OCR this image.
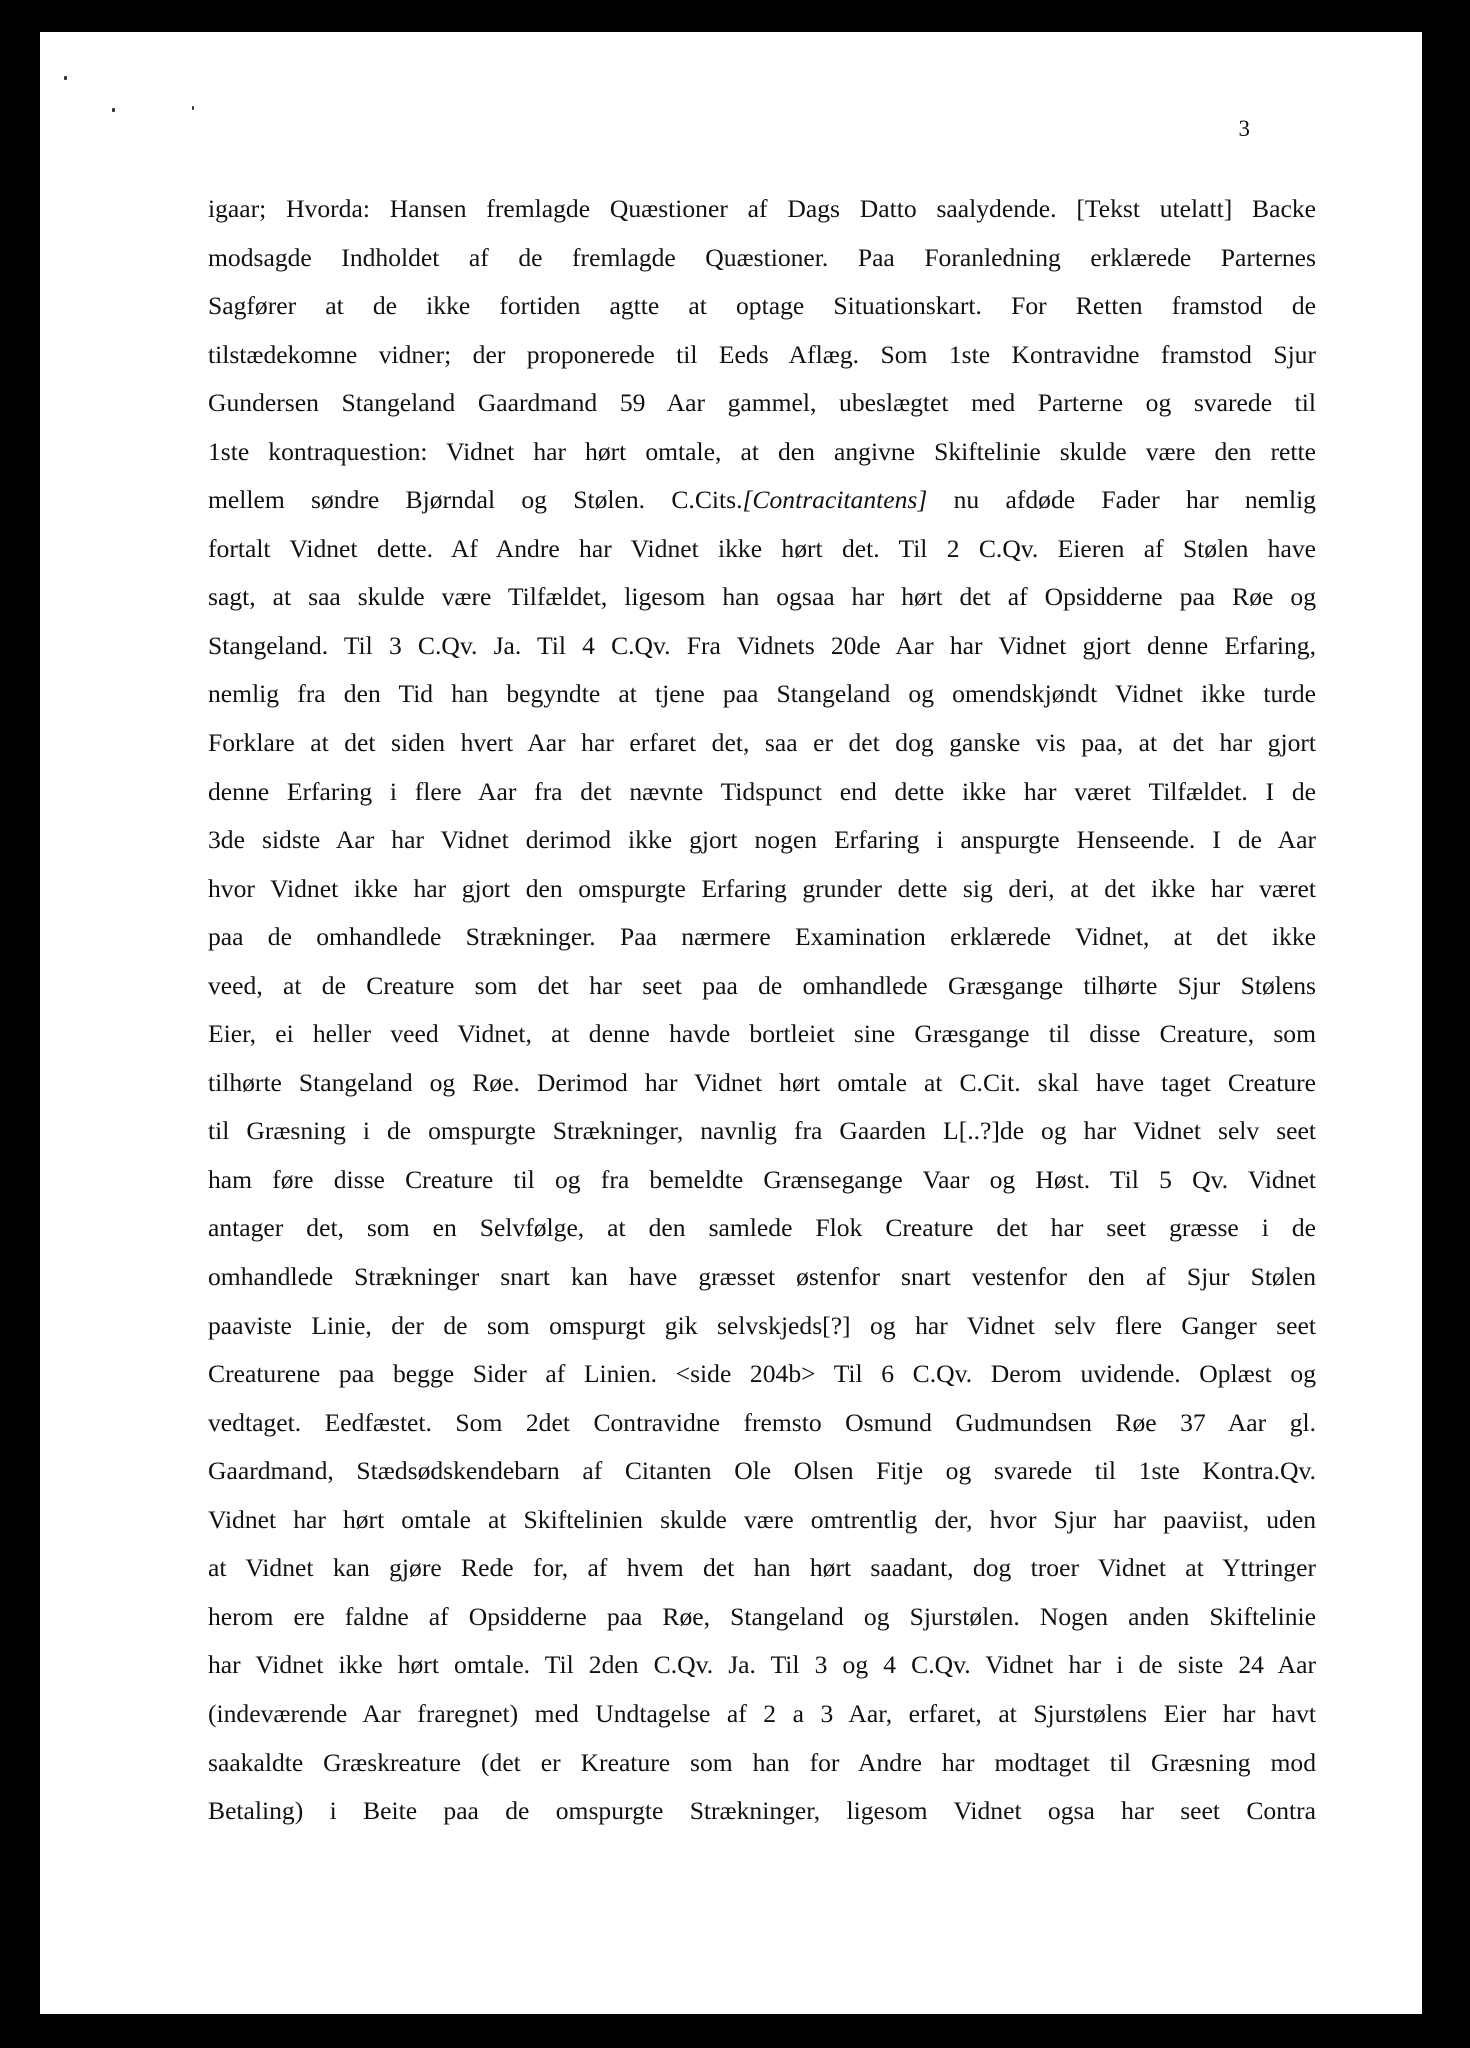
3
igaar; Hvorda: Hansen fremlagde Quæstioner af Dags Datto saalydende. [Tekst utelatt] Backe
modsagde Indholdet af de fremlagde Quæstioner. Paa Foranledning erklærede Parternes
Sagfører at de ikke fortiden agtte at optage Situationskart. For Retten framstod de
tilstædekomne vidner; der proponerede til Eeds Aflæg. Som 1ste Kontravidne framstod Sjur
Gundersen Stangeland Gaardmand 59 Aar gammel, ubeslægtet med Parterne og svarede til
1ste kontraquestion: Vidnet har hørt omtale, at den angivne Skiftelinie skulde være den rette
mellem søndre Bjørndal og Stølen. C.Cits.[Contracitantens] nu afdøde Fader har nemlig
fortalt Vidnet dette. Af Andre har Vidnet ikke hørt det. Til 2 C.Qv. Eieren af Stølen have
sagt, at saa skulde være Tilfældet, ligesom han ogsaa har hørt det af Opsidderne paa Røe og
Stangeland. Til 3 C.Qv. Ja. Til 4 C.Qv. Fra Vidnets 20de Aar har Vidnet gjort denne Erfaring,
nemlig fra den Tid han begyndte at tjene paa Stangeland og omendskjøndt Vidnet ikke turde
Forklare at det siden hvert Aar har erfaret det, saa er det dog ganske vis paa, at det har gjort
denne Erfaring i flere Aar fra det nævnte Tidspunct end dette ikke har været Tilfældet. I de
3de sidste Aar har Vidnet derimod ikke gjort nogen Erfaring i anspurgte Henseende. I de Aar
hvor Vidnet ikke har gjort den omspurgte Erfaring grunder dette sig deri, at det ikke har været
paa de omhandlede Strækninger. Paa nærmere Examination erklærede Vidnet, at det ikke
veed, at de Creature som det har seet paa de omhandlede Græsgange tilhørte Sjur Stølens
Eier, ei heller veed Vidnet, at denne havde bortleiet sine Græsgange til disse Creature, som
tilhørte Stangeland og Røe. Derimod har Vidnet hørt omtale at C.Cit. skal have taget Creature
til Græsning i de omspurgte Strækninger, navnlig fra Gaarden L[..?]de og har Vidnet selv seet
ham føre disse Creature til og fra bemeldte Grænsegange Vaar og Høst. Til 5 Qv. Vidnet
antager det, som en Selvfølge, at den samlede Flok Creature det har seet græsse i de
omhandlede Strækninger snart kan have græsset østenfor snart vestenfor den af Sjur Stølen
paaviste Linie, der de som omspurgt gik selvskjeds[?] og har Vidnet selv flere Ganger seet
Creaturene paa begge Sider af Linien. <side 204b> Til 6 C.Qv. Derom uvidende. Oplæst og
vedtaget. Eedfæstet. Som 2det Contravidne fremsto Osmund Gudmundsen Røe 37 Aar gl.
Gaardmand, Stædsødskendebarn af Citanten Ole Olsen Fitje og svarede til 1ste Kontra.Qv.
Vidnet har hørt omtale at Skiftelinien skulde være omtrentlig der, hvor Sjur har paaviist, uden
at Vidnet kan gjøre Rede for, af hvem det han hørt saadant, dog troer Vidnet at Yttringer
herom ere faldne af Opsidderne paa Røe, Stangeland og Sjurstølen. Nogen anden Skiftelinie
har Vidnet ikke hørt omtale. Til 2den C.Qv. Ja. Til 3 og 4 C.Qv. Vidnet har i de siste 24 Aar
(indeværende Aar fraregnet) med Undtagelse af 2 a 3 Aar, erfaret, at Sjurstølens Eier har havt
saakaldte Græskreature (det er Kreature som han for Andre har modtaget til Græsning mod
Betaling) i Beite paa de omspurgte Strækninger, ligesom Vidnet ogsa har seet Contra
